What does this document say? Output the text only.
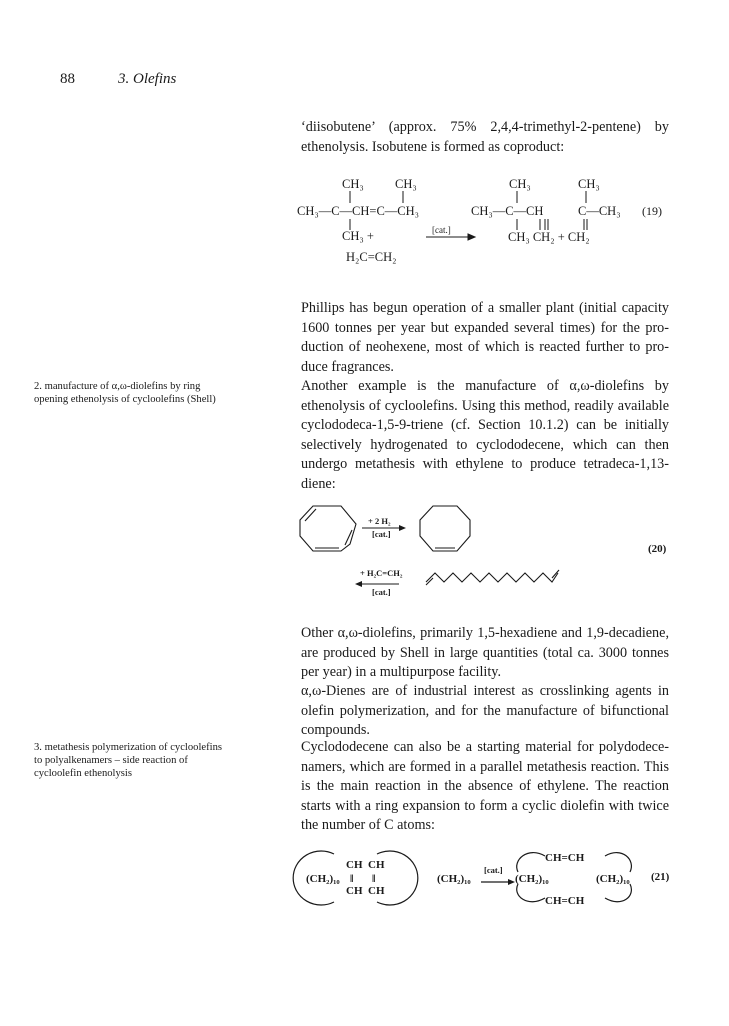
88	3. Olefins

‘diisobutene’ (approx. 75% 2,4,4-trimethyl-2-pentene) by
ethenolysis. Isobutene is formed as coproduct:

CH₃	CH₃
CH₃—C—CH=C—CH₃
CH₃ +
H₂C=CH₂
[cat.]
CH₃	CH₃
CH₃—C—CH	C—CH₃
CH₃ CH₂ + CH₂
(19)

Phillips has begun operation of a smaller plant (initial capacity
1600 tonnes per year but expanded several times) for the pro-
duction of neohexene, most of which is reacted further to pro-
duce fragrances.

2. manufacture of α,ω-diolefins by ring
opening ethenolysis of cycloolefins (Shell)

Another example is the manufacture of α,ω-diolefins by
ethenolysis of cycloolefins. Using this method, readily available
cyclododeca-1,5-9-triene (cf. Section 10.1.2) can be initially
selectively hydrogenated to cyclododecene, which can then
undergo metathesis with ethylene to produce tetradeca-1,13-
diene:

+ 2 H₂
[cat.]
+ H₂C=CH₂
[cat.]
(20)

Other α,ω-diolefins, primarily 1,5-hexadiene and 1,9-decadiene,
are produced by Shell in large quantities (total ca. 3000 tonnes
per year) in a multipurpose facility.

α,ω-Dienes are of industrial interest as crosslinking agents in
olefin polymerization, and for the manufacture of bifunctional
compounds.

3. metathesis polymerization of cycloolefins
to polyalkenamers – side reaction of
cycloolefin ethenolysis

Cyclododecene can also be a starting material for polydodece-
namers, which are formed in a parallel metathesis reaction. This
is the main reaction in the absence of ethylene. The reaction
starts with a ring expansion to form a cyclic diolefin with twice
the number of C atoms:

(CH₂)₁₀
CH
‖
CH
CH
‖
CH
(CH₂)₁₀
[cat.]
CH=CH
(CH₂)₁₀	(CH₂)₁₀
CH=CH
(21)
